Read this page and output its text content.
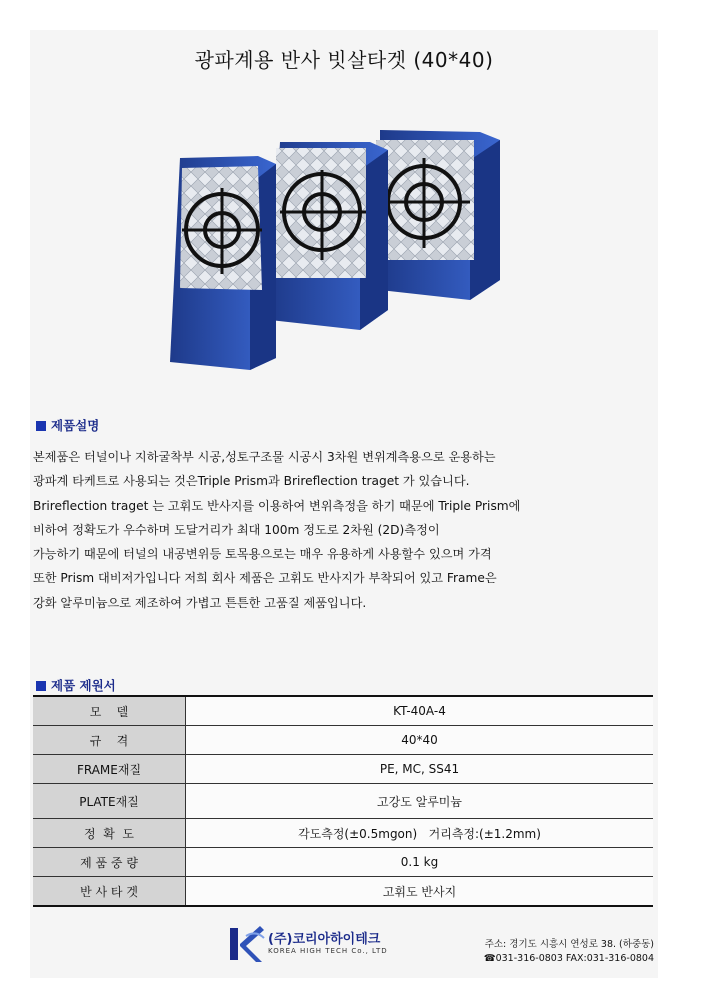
광파계용 반사 빗살타겟 (40*40)
제품설명
본제품은 터널이나 지하굴착부 시공,성토구조물 시공시 3차원 변위계측용으로 운용하는
광파계 타케트로 사용되는 것은Triple Prism과 Brireflection traget 가 있습니다.
Brireflection traget 는 고휘도 반사지를 이용하여 변위측정을 하기 때문에 Triple Prism에
비하여 정확도가 우수하며 도달거리가 최대 100m 정도로 2차원 (2D)측정이
가능하기 때문에 터널의 내공변위등 토목용으로는 매우 유용하게 사용할수 있으며 가격
또한 Prism 대비저가입니다 저희 회사 제품은 고휘도 반사지가 부착되어 있고 Frame은
강화 알루미늄으로 제조하여 가볍고 튼튼한 고품질 제품입니다.
제품 제원서
모    델	KT-40A-4
규    격	40*40
FRAME재질	PE, MC, SS41
PLATE재질	고강도 알루미늄
정  확  도	각도측정(±0.5mgon)   거리측정:(±1.2mm)
제 품 중 량	0.1 kg
반 사 타 겟	고휘도 반사지
(주)코리아하이테크
KOREA HIGH TECH Co., LTD
주소: 경기도 시흥시 연성로 38. (하중동)
☎031-316-0803 FAX:031-316-0804
